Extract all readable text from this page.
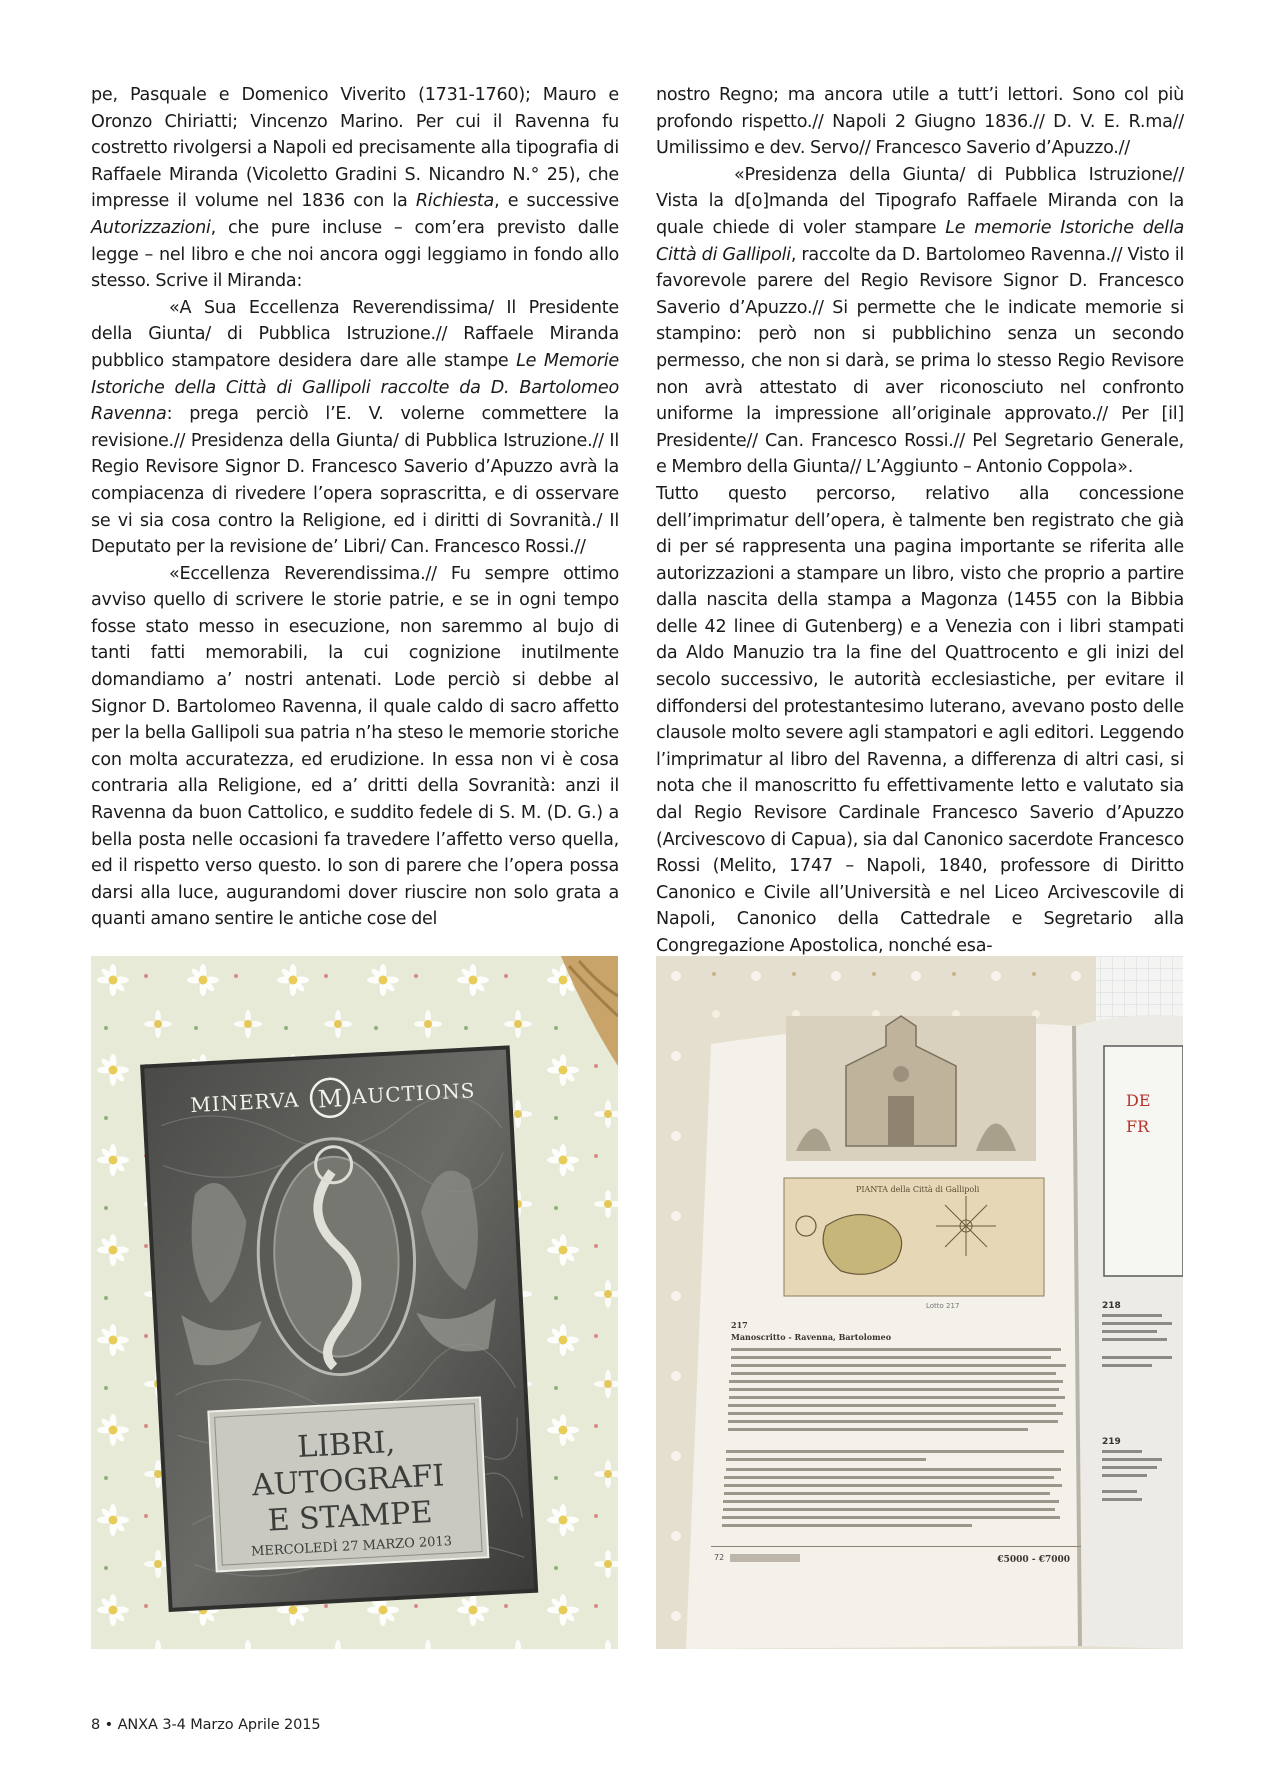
pe, Pasquale e Domenico Viverito (1731-1760); Mauro e Oronzo Chiriatti; Vincenzo Marino. Per cui il Ravenna fu costretto rivolgersi a Napoli ed precisamente alla tipografia di Raffaele Miranda (Vicoletto Gradini S. Nicandro N.° 25), che impresse il volume nel 1836 con la Richiesta, e successive Autorizzazioni, che pure incluse – com’era previsto dalle legge – nel libro e che noi ancora oggi leggiamo in fondo allo stesso. Scrive il Miranda:

«A Sua Eccellenza Reverendissima/ Il Presidente della Giunta/ di Pubblica Istruzione.// Raffaele Miranda pubblico stampatore desidera dare alle stampe Le Memorie Istoriche della Città di Gallipoli raccolte da D. Bartolomeo Ravenna: prega perciò l’E. V. volerne commettere la revisione.// Presidenza della Giunta/ di Pubblica Istruzione.// Il Regio Revisore Signor D. Francesco Saverio d’Apuzzo avrà la compiacenza di rivedere l’opera soprascritta, e di osservare se vi sia cosa contro la Religione, ed i diritti di Sovranità./ Il Deputato per la revisione de’ Libri/ Can. Francesco Rossi.//

«Eccellenza Reverendissima.// Fu sempre ottimo avviso quello di scrivere le storie patrie, e se in ogni tempo fosse stato messo in esecuzione, non saremmo al bujo di tanti fatti memorabili, la cui cognizione inutilmente domandiamo a’ nostri antenati. Lode perciò si debbe al Signor D. Bartolomeo Ravenna, il quale caldo di sacro affetto per la bella Gallipoli sua patria n’ha steso le memorie storiche con molta accuratezza, ed erudizione. In essa non vi è cosa contraria alla Religione, ed a’ dritti della Sovranità: anzi il Ravenna da buon Cattolico, e suddito fedele di S. M. (D. G.) a bella posta nelle occasioni fa travedere l’affetto verso quella, ed il rispetto verso questo. Io son di parere che l’opera possa darsi alla luce, augurandomi dover riuscire non solo grata a quanti amano sentire le antiche cose del

nostro Regno; ma ancora utile a tutt’i lettori. Sono col più profondo rispetto.// Napoli 2 Giugno 1836.// D. V. E. R.ma// Umilissimo e dev. Servo// Francesco Saverio d’Apuzzo.//

«Presidenza della Giunta/ di Pubblica Istruzione// Vista la d[o]manda del Tipografo Raffaele Miranda con la quale chiede di voler stampare Le memorie Istoriche della Città di Gallipoli, raccolte da D. Bartolomeo Ravenna.// Visto il favorevole parere del Regio Revisore Signor D. Francesco Saverio d’Apuzzo.// Si permette che le indicate memorie si stampino: però non si pubblichino senza un secondo permesso, che non si darà, se prima lo stesso Regio Revisore non avrà attestato di aver riconosciuto nel confronto uniforme la impressione all’originale approvato.// Per [il] Presidente// Can. Francesco Rossi.// Pel Segretario Generale, e Membro della Giunta// L’Aggiunto – Antonio Coppola».

Tutto questo percorso, relativo alla concessione dell’imprimatur dell’opera, è talmente ben registrato che già di per sé rappresenta una pagina importante se riferita alle autorizzazioni a stampare un libro, visto che proprio a partire dalla nascita della stampa a Magonza (1455 con la Bibbia delle 42 linee di Gutenberg) e a Venezia con i libri stampati da Aldo Manuzio tra la fine del Quattrocento e gli inizi del secolo successivo, le autorità ecclesiastiche, per evitare il diffondersi del protestantesimo luterano, avevano posto delle clausole molto severe agli stampatori e agli editori. Leggendo l’imprimatur al libro del Ravenna, a differenza di altri casi, si nota che il manoscritto fu effettivamente letto e valutato sia dal Regio Revisore Cardinale Francesco Saverio d’Apuzzo (Arcivescovo di Capua), sia dal Canonico sacerdote Francesco Rossi (Melito, 1747 – Napoli, 1840, professore di Diritto Canonico e Civile all’Università e nel Liceo Arcivescovile di Napoli, Canonico della Cattedrale e Segretario alla Congregazione Apostolica, nonché esa-

MINERVA M AUCTIONS
LIBRI,
AUTOGRAFI
E STAMPE
MERCOLEDÌ 27 MARZO 2013
DE
FR
218
219
PIANTA della Città di Gallipoli
Lotto 217
217
Manoscritto - Ravenna, Bartolomeo
72	€5000 - €7000
8 • ANXA 3-4 Marzo Aprile 2015
